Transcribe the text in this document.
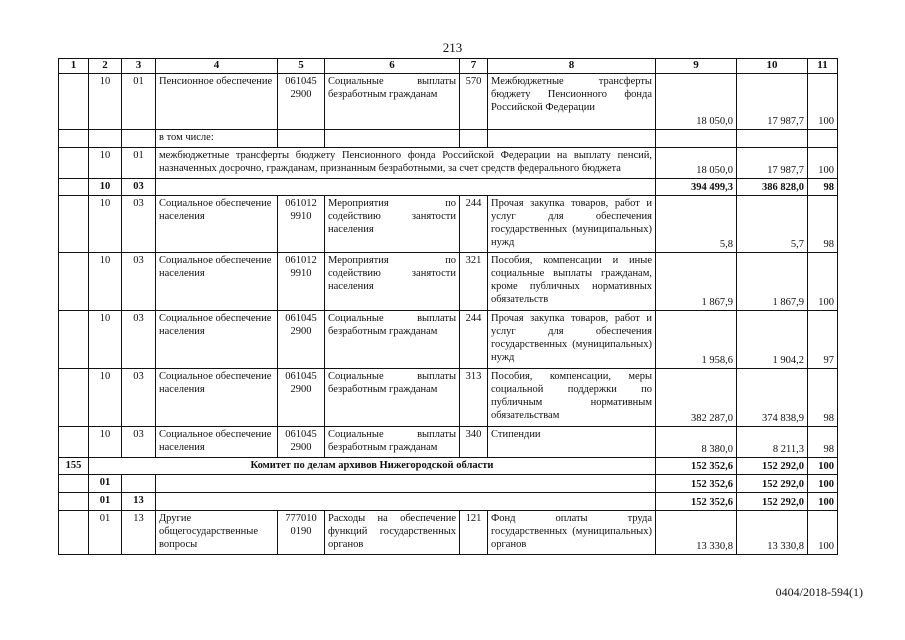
213
1	2	3	4	5	6	7	8	9	10	11
	10	01	Пенсионное обеспечение	061045 2900	Социальные выплаты безработным гражданам	570	Межбюджетные трансферты бюджету Пенсионного фонда Российской Федерации	18 050,0	17 987,7	100
			в том числе:							
	10	01	межбюджетные трансферты бюджету Пенсионного фонда Российской Федерации на выплату пенсий, назначенных досрочно, гражданам, признанным безработными, за счет средств федерального бюджета					18 050,0	17 987,7	100
	10	03						394 499,3	386 828,0	98
	10	03	Социальное обеспечение населения	061012 9910	Мероприятия по содействию занятости населения	244	Прочая закупка товаров, работ и услуг для обеспечения государственных (муниципальных) нужд	5,8	5,7	98
	10	03	Социальное обеспечение населения	061012 9910	Мероприятия по содействию занятости населения	321	Пособия, компенсации и иные социальные выплаты гражданам, кроме публичных нормативных обязательств	1 867,9	1 867,9	100
	10	03	Социальное обеспечение населения	061045 2900	Социальные выплаты безработным гражданам	244	Прочая закупка товаров, работ и услуг для обеспечения государственных (муниципальных) нужд	1 958,6	1 904,2	97
	10	03	Социальное обеспечение населения	061045 2900	Социальные выплаты безработным гражданам	313	Пособия, компенсации, меры социальной поддержки по публичным нормативным обязательствам	382 287,0	374 838,9	98
	10	03	Социальное обеспечение населения	061045 2900	Социальные выплаты безработным гражданам	340	Стипендии	8 380,0	8 211,3	98
155	Комитет по делам архивов Нижегородской области							152 352,6	152 292,0	100
	01							152 352,6	152 292,0	100
	01	13						152 352,6	152 292,0	100
	01	13	Другие общегосударственные вопросы	777010 0190	Расходы на обеспечение функций государственных органов	121	Фонд оплаты труда государственных (муниципальных) органов	13 330,8	13 330,8	100
0404/2018-594(1)
